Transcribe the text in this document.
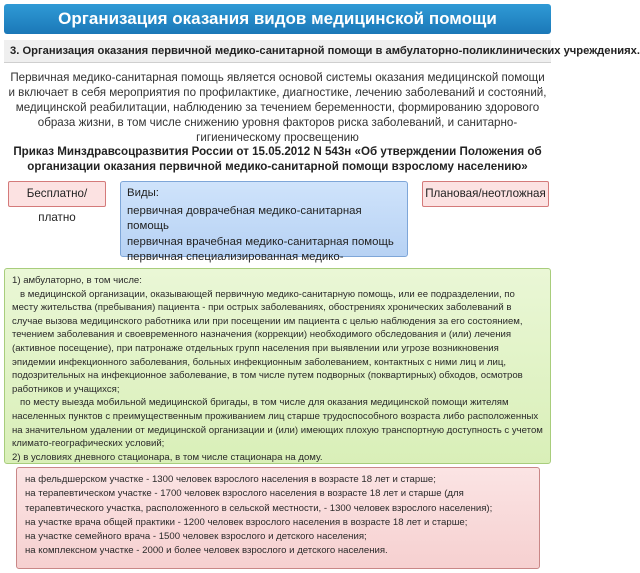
Организация оказания видов медицинской помощи
3. Организация оказания первичной медико-санитарной помощи в амбулаторно-поликлинических учреждениях.
Первичная медико-санитарная помощь является основой системы оказания медицинской помощи и включает в себя мероприятия по профилактике, диагностике, лечению заболеваний и состояний, медицинской реабилитации, наблюдению за течением беременности, формированию здорового образа жизни, в том числе снижению уровня факторов риска заболеваний, и санитарно-гигиеническому просвещению
Приказ Минздравсоцразвития России от 15.05.2012 N 543н «Об утверждении Положения об организации оказания первичной медико-санитарной помощи взрослому населению»
Бесплатно/платно
Виды:
первичная доврачебная медико-санитарная помощь
первичная врачебная медико-санитарная помощь
первичная специализированная медико-
Плановая/неотложная

1) амбулаторно, в том числе:

в медицинской организации, оказывающей первичную медико-санитарную помощь, или ее подразделении, по месту жительства (пребывания) пациента - при острых заболеваниях, обострениях хронических заболеваний в случае вызова медицинского работника или при посещении им пациента с целью наблюдения за его состоянием, течением заболевания и своевременного назначения (коррекции) необходимого обследования и (или) лечения (активное посещение), при патронаже отдельных групп населения при выявлении или угрозе возникновения эпидемии инфекционного заболевания, больных инфекционным заболеванием, контактных с ними лиц и лиц, подозрительных на инфекционное заболевание, в том числе путем подворных (поквартирных) обходов, осмотров работников и учащихся;

по месту выезда мобильной медицинской бригады, в том числе для оказания медицинской помощи жителям населенных пунктов с преимущественным проживанием лиц старше трудоспособного возраста либо расположенных на значительном удалении от медицинской организации и (или) имеющих плохую транспортную доступность с учетом климато-географических условий;

2) в условиях дневного стационара, в том числе стационара на дому.

на фельдшерском участке - 1300 человек взрослого населения в возрасте 18 лет и старше;

на терапевтическом участке - 1700 человек взрослого населения в возрасте 18 лет и старше (для терапевтического участка, расположенного в сельской местности, - 1300 человек взрослого населения);

на участке врача общей практики - 1200 человек взрослого населения в возрасте 18 лет и старше;

на участке семейного врача - 1500 человек взрослого и детского населения;

на комплексном участке - 2000 и более человек взрослого и детского населения.
